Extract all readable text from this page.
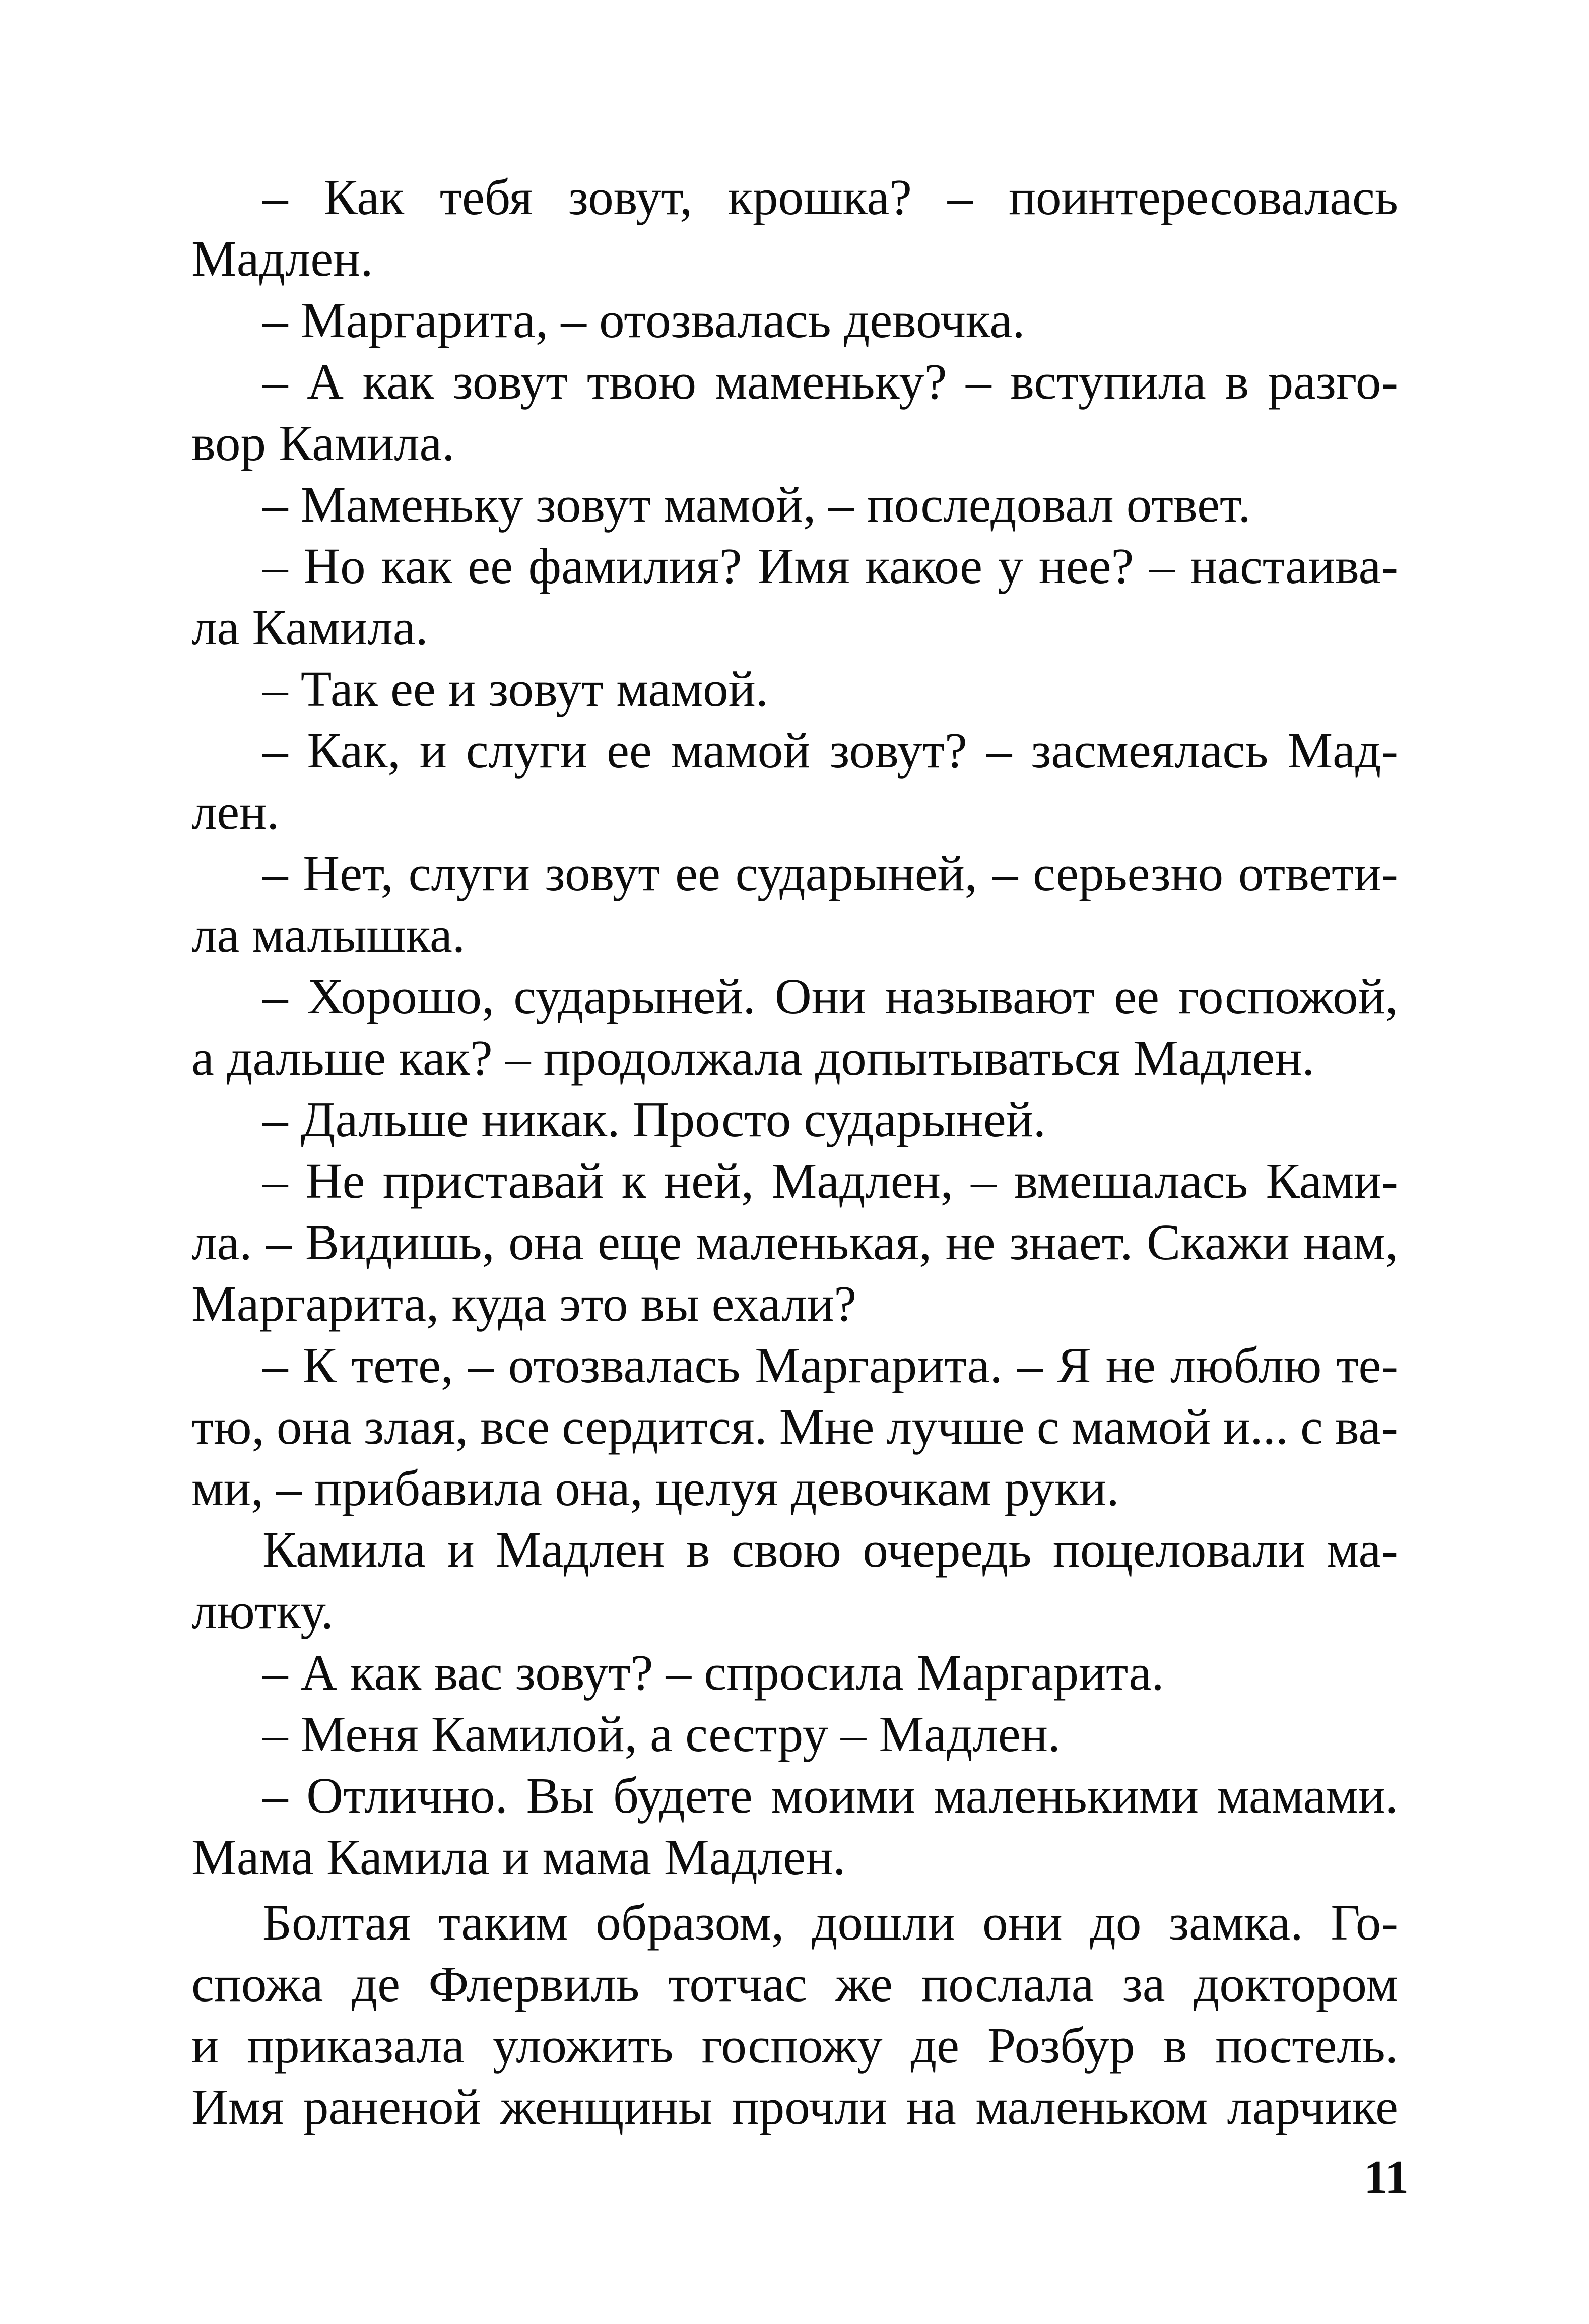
– Как тебя зовут, крошка? – поинтересовалась
Мадлен.
– Маргарита, – отозвалась девочка.
– А как зовут твою маменьку? – вступила в разго-
вор Камила.
– Маменьку зовут мамой, – последовал ответ.
– Но как ее фамилия? Имя какое у нее? – настаива-
ла Камила.
– Так ее и зовут мамой.
– Как, и слуги ее мамой зовут? – засмеялась Мад-
лен.
– Нет, слуги зовут ее сударыней, – серьезно ответи-
ла малышка.
– Хорошо, сударыней. Они называют ее госпожой,
а дальше как? – продолжала допытываться Мадлен.
– Дальше никак. Просто сударыней.
– Не приставай к ней, Мадлен, – вмешалась Ками-
ла. – Видишь, она еще маленькая, не знает. Скажи нам,
Маргарита, куда это вы ехали?
– К тете, – отозвалась Маргарита. – Я не люблю те-
тю, она злая, все сердится. Мне лучше с мамой и... с ва-
ми, – прибавила она, целуя девочкам руки.
Камила и Мадлен в свою очередь поцеловали ма-
лютку.
– А как вас зовут? – спросила Маргарита.
– Меня Камилой, а сестру – Мадлен.
– Отлично. Вы будете моими маленькими мамами.
Мама Камила и мама Мадлен.
Болтая таким образом, дошли они до замка. Го-
спожа де Флервиль тотчас же послала за доктором
и приказала уложить госпожу де Розбур в постель.
Имя раненой женщины прочли на маленьком ларчике
11
